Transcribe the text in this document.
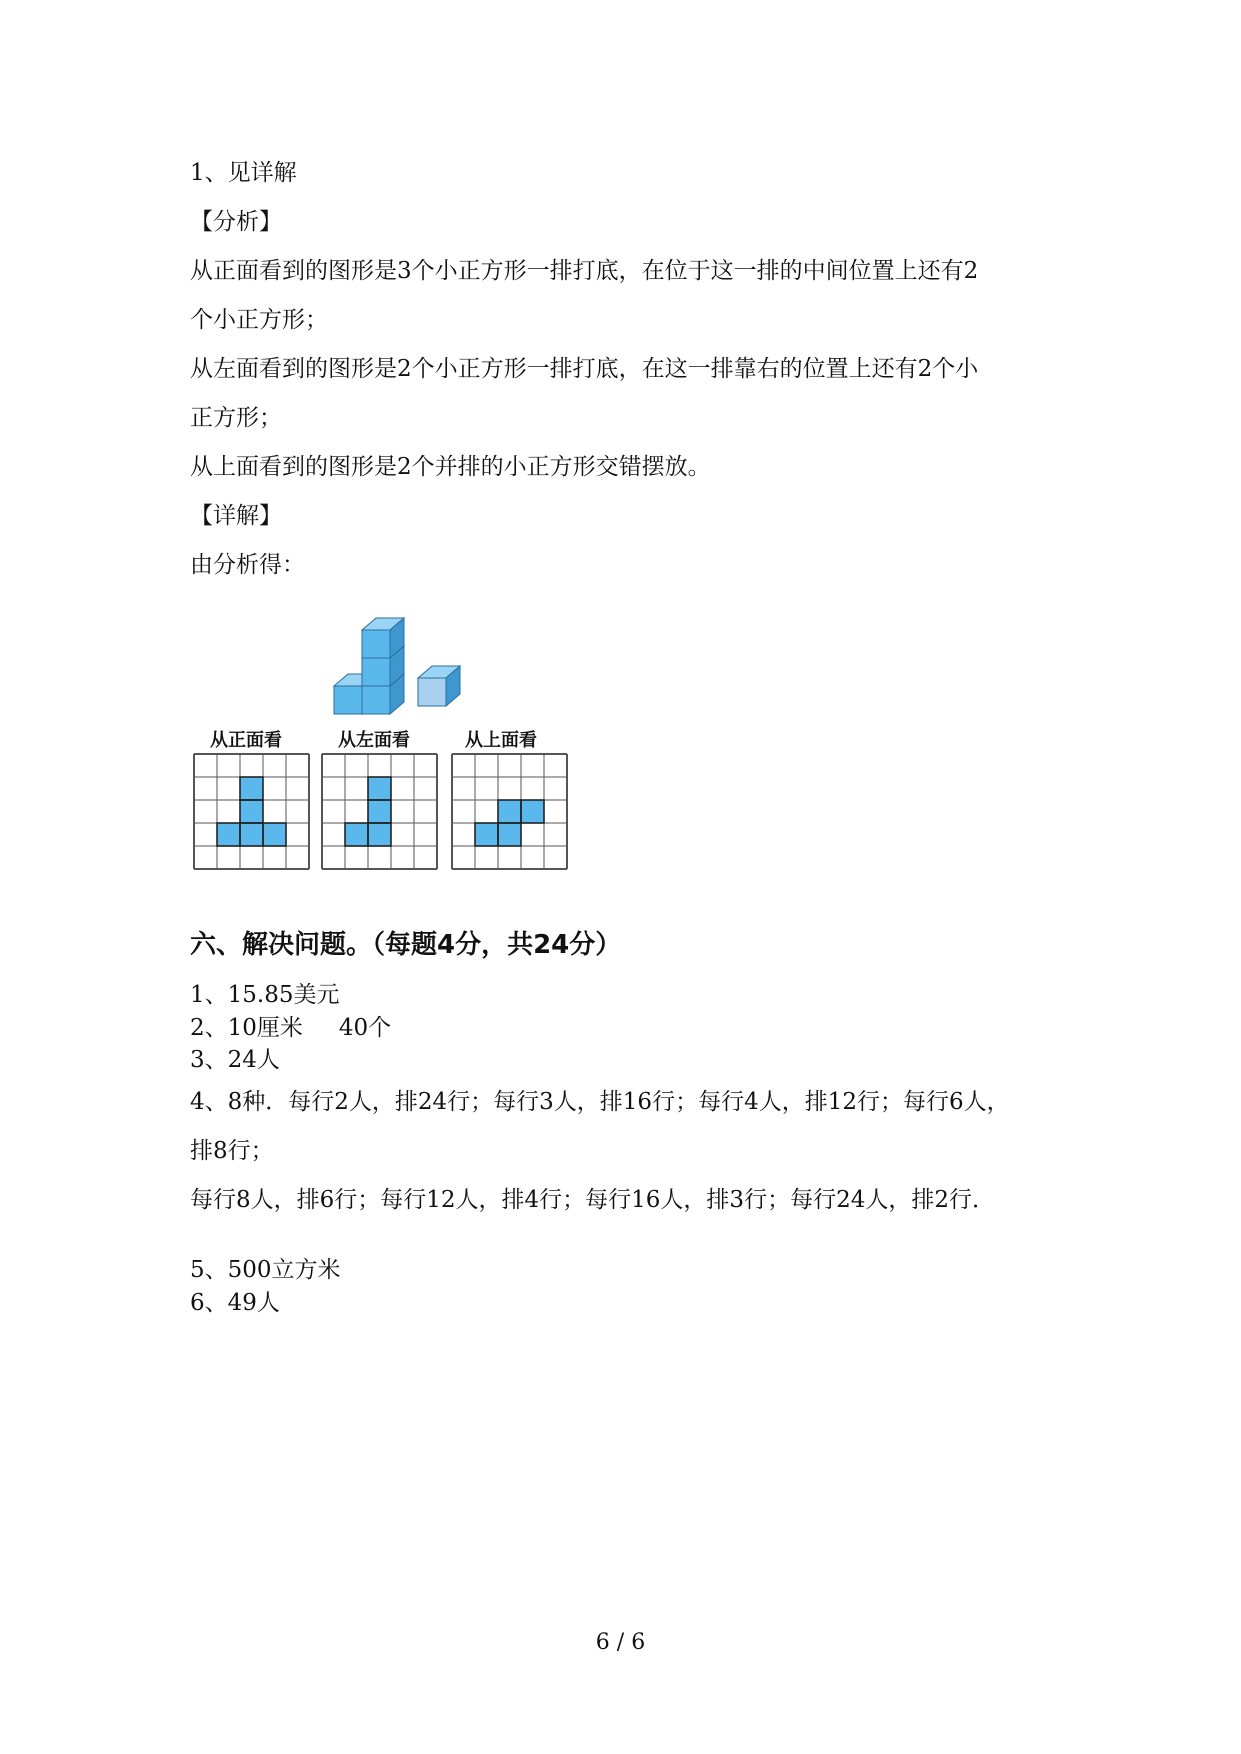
1、见详解
【分析】
从正面看到的图形是3个小正方形一排打底，在位于这一排的中间位置上还有2
个小正方形；
从左面看到的图形是2个小正方形一排打底，在这一排靠右的位置上还有2个小
正方形；
从上面看到的图形是2个并排的小正方形交错摆放。
【详解】
由分析得：
从正面看	从左面看	从上面看
六、解决问题。（每题4分，共24分）
1、15.85美元
2、10厘米 40个
3、24人
4、8种．每行2人，排24行；每行3人，排16行；每行4人，排12行；每行6人，
排8行；
每行8人，排6行；每行12人，排4行；每行16人，排3行；每行24人，排2行．
5、500立方米
6、49人
6 / 6
